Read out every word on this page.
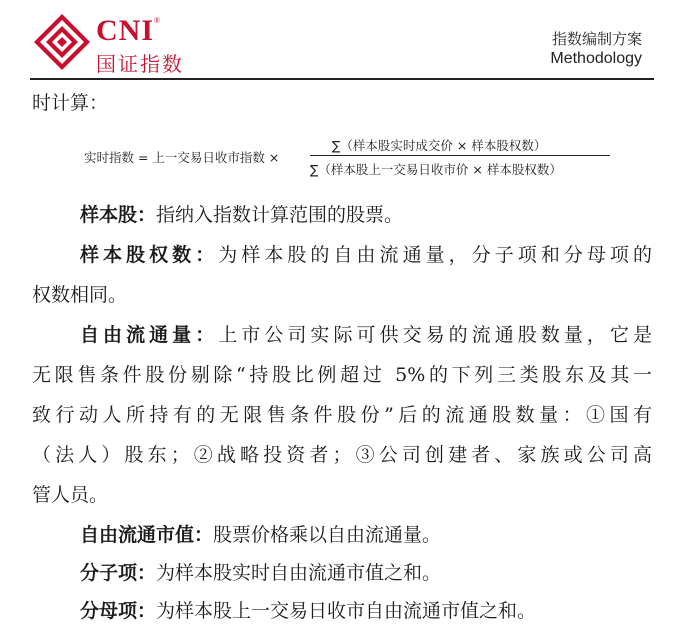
CNI®
国证指数
指数编制方案
Methodology
时计算：
实时指数 = 上一交易日收市指数 ×
∑（样本股实时成交价 × 样本股权数）
∑（样本股上一交易日收市价 × 样本股权数）
样本股：指纳入指数计算范围的股票。
样本股权数：为样本股的自由流通量，分子项和分母项的
权数相同。
自由流通量：上市公司实际可供交易的流通股数量，它是
无限售条件股份剔除“持股比例超过 5%的下列三类股东及其一
致行动人所持有的无限售条件股份”后的流通股数量：①国有
（法人）股东；②战略投资者；③公司创建者、家族或公司高
管人员。
自由流通市值：股票价格乘以自由流通量。
分子项：为样本股实时自由流通市值之和。
分母项：为样本股上一交易日收市自由流通市值之和。
